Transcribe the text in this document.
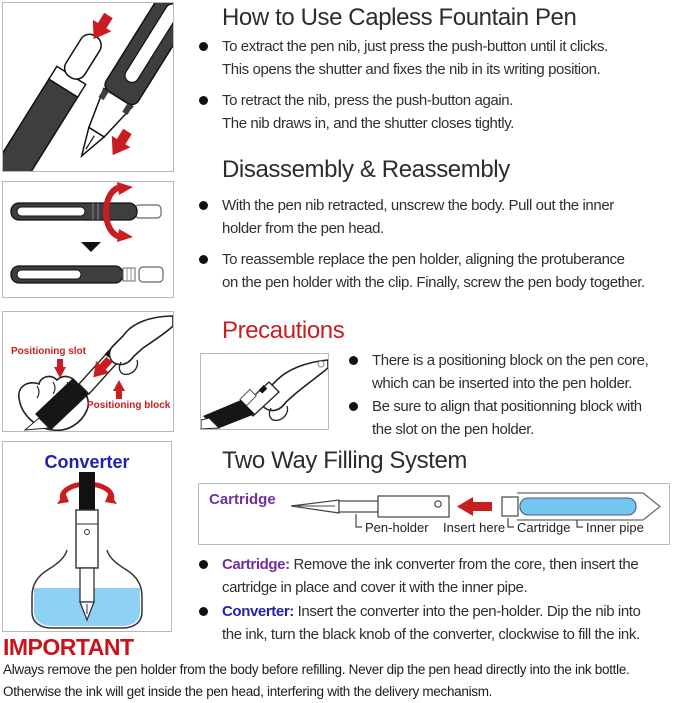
Positioning slot
Positioning block
Converter
How to Use Capless Fountain Pen
To extract the pen nib, just press the push-button until it clicks.
This opens the shutter and fixes the nib in its writing position.
To retract the nib, press the push-button again.
The nib draws in, and the shutter closes tightly.
Disassembly & Reassembly
With the pen nib retracted, unscrew the body. Pull out the inner
holder from the pen head.
To reassemble replace the pen holder, aligning the protuberance
on the pen holder with the clip. Finally, screw the pen body together.
Precautions
There is a positioning block on the pen core,
which can be inserted into the pen holder.
Be sure to align that positionning block with
the slot on the pen holder.
Two Way Filling System
Cartridge
Pen-holder Insert here Cartridge Inner pipe
Cartridge: Remove the ink converter from the core, then insert the
cartridge in place and cover it with the inner pipe.
Converter: Insert the converter into the pen-holder. Dip the nib into
the ink, turn the black knob of the converter, clockwise to fill the ink.
IMPORTANT
Always remove the pen holder from the body before refilling. Never dip the pen head directly into the ink bottle.
Otherwise the ink will get inside the pen head, interfering with the delivery mechanism.
